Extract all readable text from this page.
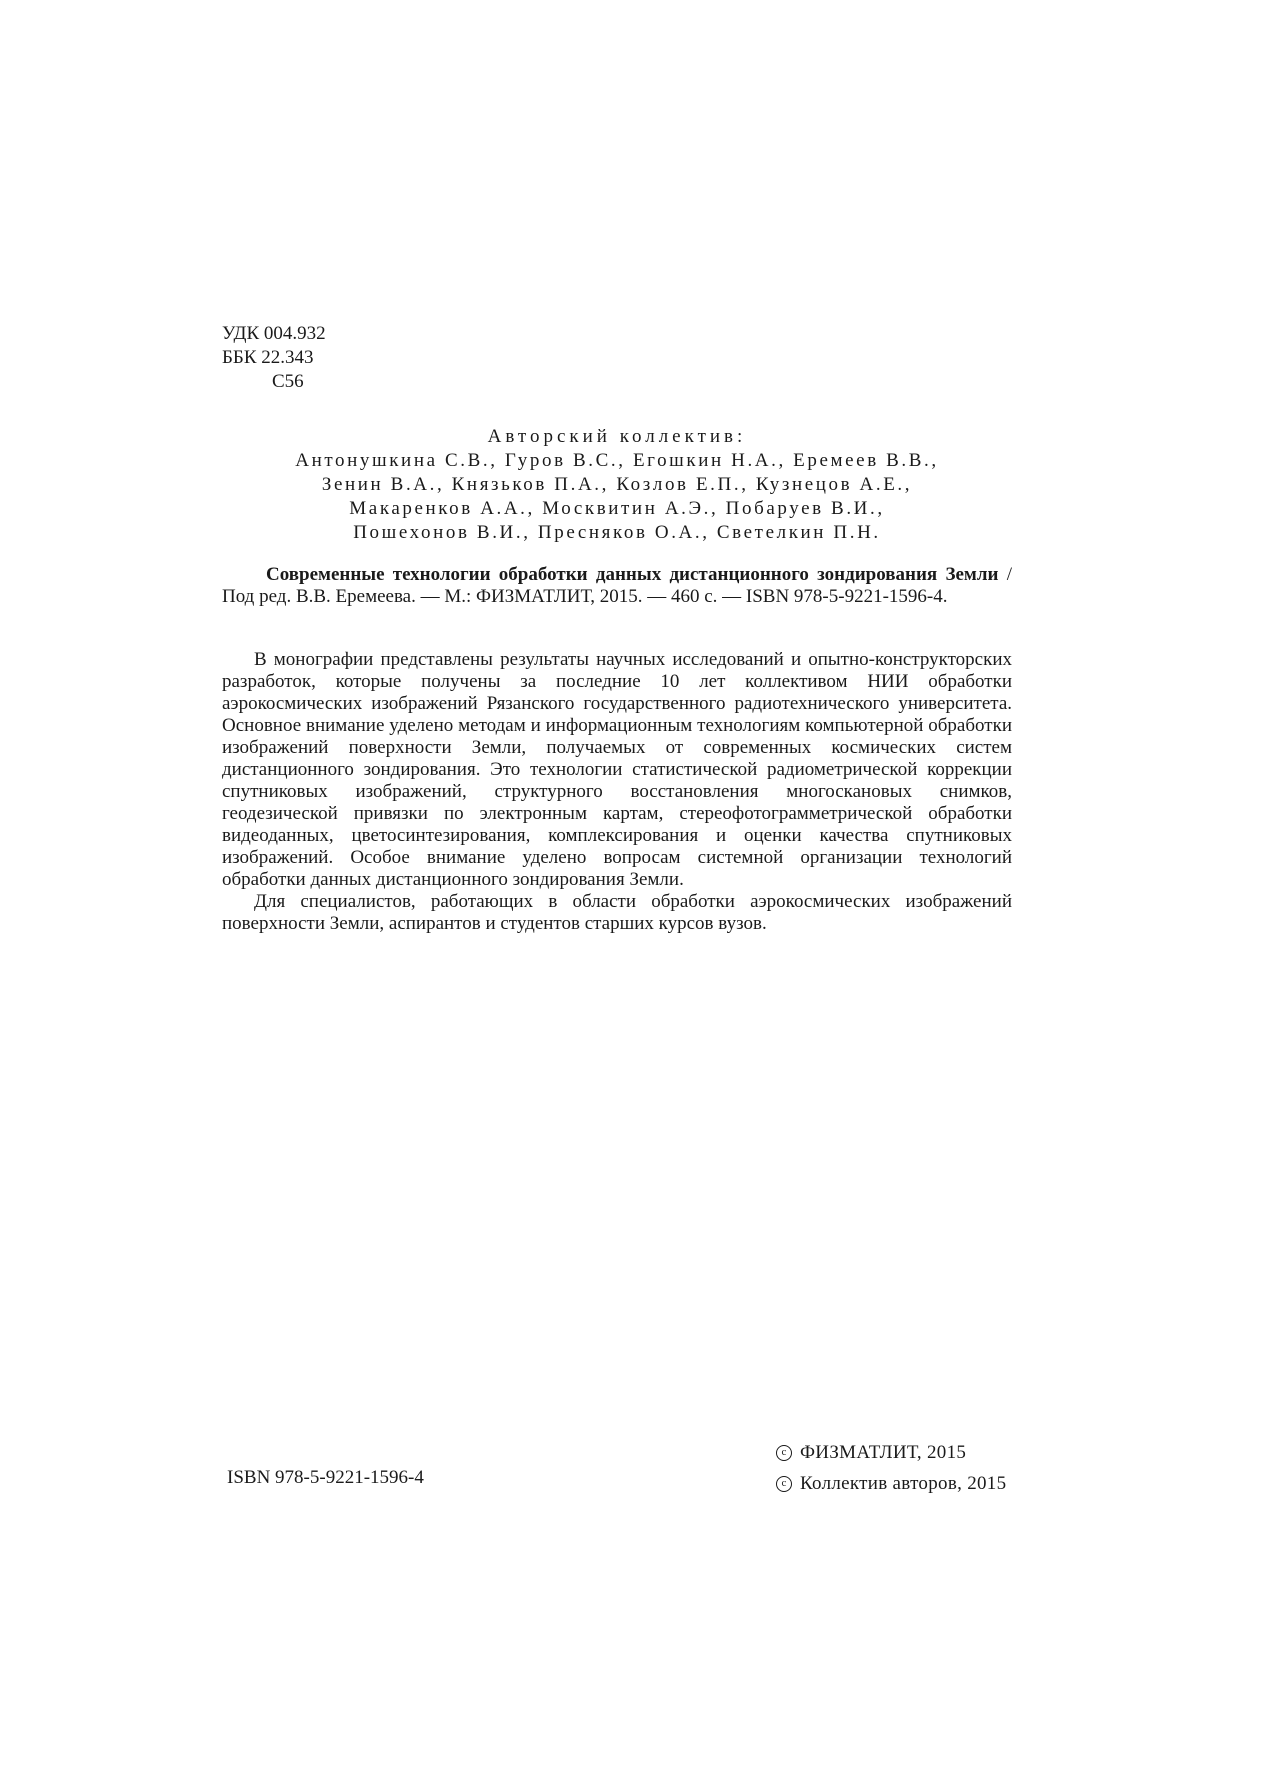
УДК 004.932
ББК 22.343
С56
Авторский коллектив:
Антонушкина С.В., Гуров В.С., Егошкин Н.А., Еремеев В.В.,
Зенин В.А., Князьков П.А., Козлов Е.П., Кузнецов А.Е.,
Макаренков А.А., Москвитин А.Э., Побаруев В.И.,
Пошехонов В.И., Пресняков О.А., Светелкин П.Н.
Современные технологии обработки данных дистанционного зондирования Земли / Под ред. В.В. Еремеева. — М.: ФИЗМАТЛИТ, 2015. — 460 с. — ISBN 978-5-9221-1596-4.

В монографии представлены результаты научных исследований и опытно-конструкторских разработок, которые получены за последние 10 лет коллективом НИИ обработки аэрокосмических изображений Рязанского государственного радиотехнического университета. Основное внимание уделено методам и информационным технологиям компьютерной обработки изображений поверхности Земли, получаемых от современных космических систем дистанционного зондирования. Это технологии статистической радиометрической коррекции спутниковых изображений, структурного восстановления многоскановых снимков, геодезической привязки по электронным картам, стереофотограмметрической обработки видеоданных, цветосинтезирования, комплексирования и оценки качества спутниковых изображений. Особое внимание уделено вопросам системной организации технологий обработки данных дистанционного зондирования Земли.

Для специалистов, работающих в области обработки аэрокосмических изображений поверхности Земли, аспирантов и студентов старших курсов вузов.

ISBN 978-5-9221-1596-4
c ФИЗМАТЛИТ, 2015
c Коллектив авторов, 2015
